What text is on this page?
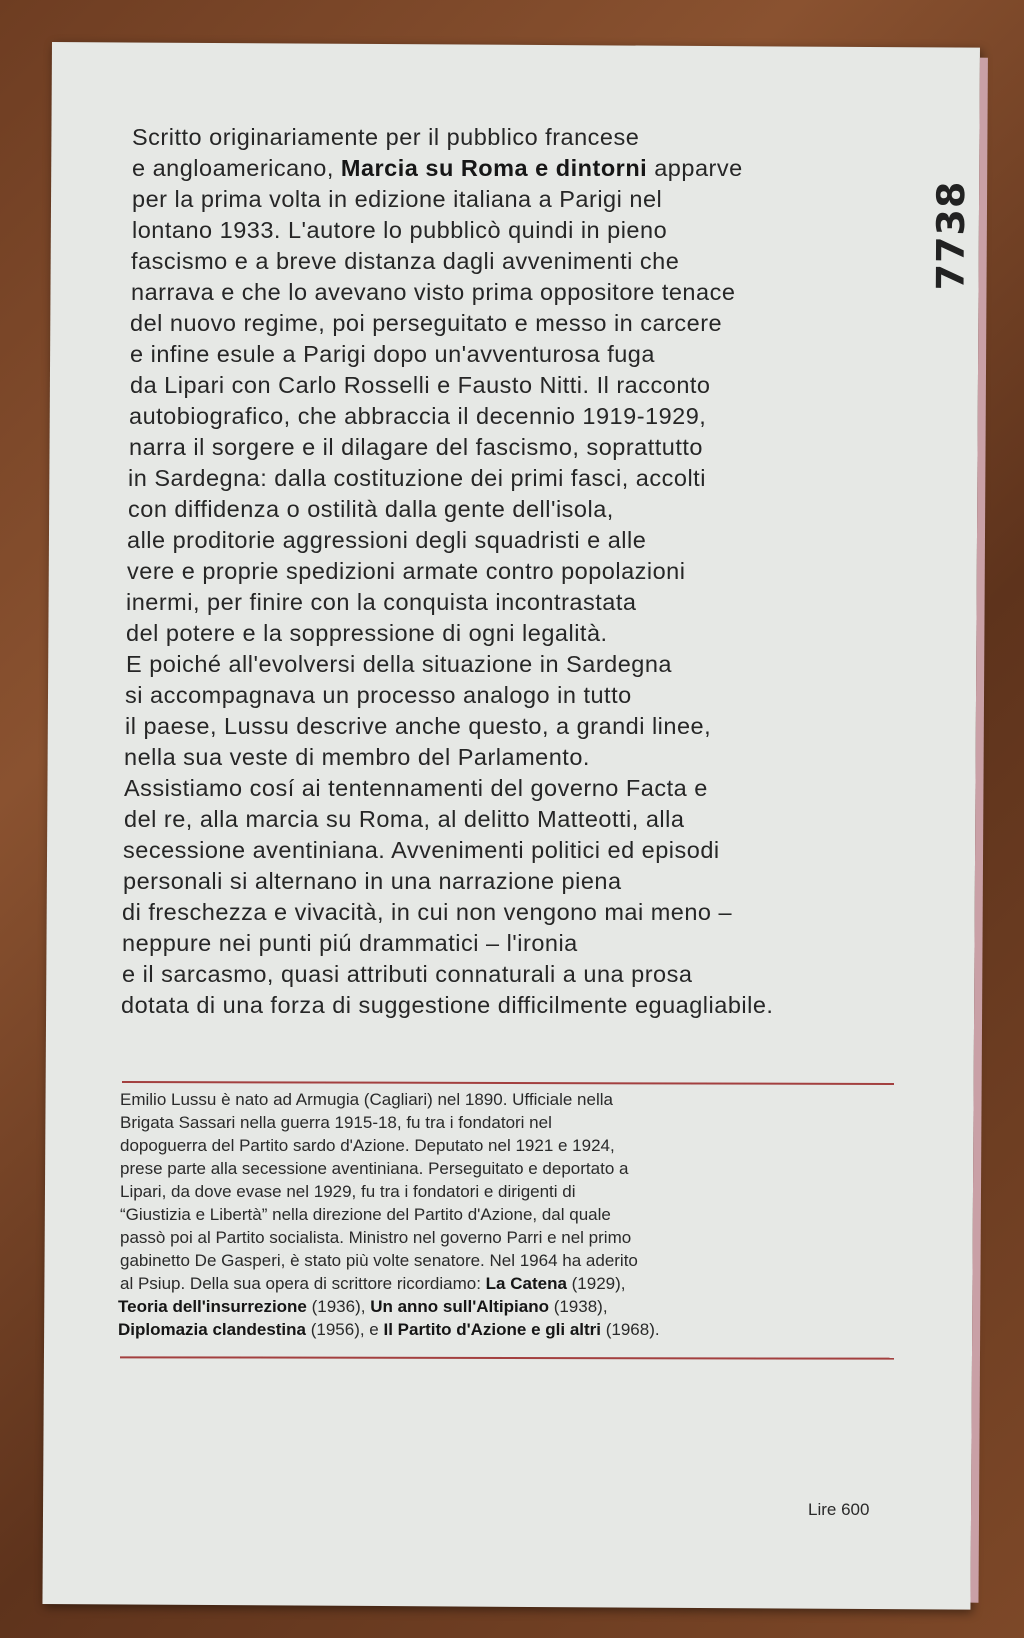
7738
Scritto originariamente per il pubblico francese
e angloamericano, Marcia su Roma e dintorni apparve
per la prima volta in edizione italiana a Parigi nel
lontano 1933. L'autore lo pubblicò quindi in pieno
fascismo e a breve distanza dagli avvenimenti che
narrava e che lo avevano visto prima oppositore tenace
del nuovo regime, poi perseguitato e messo in carcere
e infine esule a Parigi dopo un'avventurosa fuga
da Lipari con Carlo Rosselli e Fausto Nitti. Il racconto
autobiografico, che abbraccia il decennio 1919-1929,
narra il sorgere e il dilagare del fascismo, soprattutto
in Sardegna: dalla costituzione dei primi fasci, accolti
con diffidenza o ostilità dalla gente dell'isola,
alle proditorie aggressioni degli squadristi e alle
vere e proprie spedizioni armate contro popolazioni
inermi, per finire con la conquista incontrastata
del potere e la soppressione di ogni legalità.
E poiché all'evolversi della situazione in Sardegna
si accompagnava un processo analogo in tutto
il paese, Lussu descrive anche questo, a grandi linee,
nella sua veste di membro del Parlamento.
Assistiamo cosí ai tentennamenti del governo Facta e
del re, alla marcia su Roma, al delitto Matteotti, alla
secessione aventiniana. Avvenimenti politici ed episodi
personali si alternano in una narrazione piena
di freschezza e vivacità, in cui non vengono mai meno –
neppure nei punti piú drammatici – l'ironia
e il sarcasmo, quasi attributi connaturali a una prosa
dotata di una forza di suggestione difficilmente eguagliabile.
Emilio Lussu è nato ad Armugia (Cagliari) nel 1890. Ufficiale nella
Brigata Sassari nella guerra 1915-18, fu tra i fondatori nel
dopoguerra del Partito sardo d'Azione. Deputato nel 1921 e 1924,
prese parte alla secessione aventiniana. Perseguitato e deportato a
Lipari, da dove evase nel 1929, fu tra i fondatori e dirigenti di
“Giustizia e Libertà” nella direzione del Partito d'Azione, dal quale
passò poi al Partito socialista. Ministro nel governo Parri e nel primo
gabinetto De Gasperi, è stato più volte senatore. Nel 1964 ha aderito
al Psiup. Della sua opera di scrittore ricordiamo: La Catena (1929),
Teoria dell'insurrezione (1936), Un anno sull'Altipiano (1938),
Diplomazia clandestina (1956), e Il Partito d'Azione e gli altri (1968).
Lire 600
